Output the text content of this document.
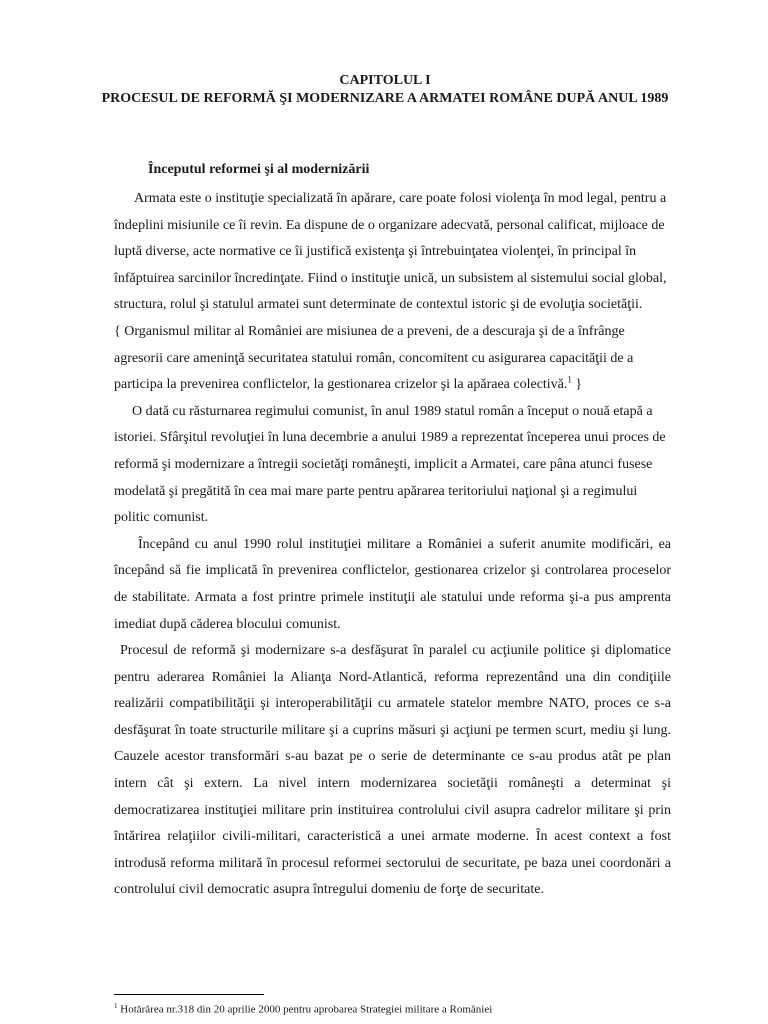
CAPITOLUL I
PROCESUL DE REFORMĂ ŞI MODERNIZARE A ARMATEI ROMÂNE DUPĂ ANUL 1989
Începutul reformei şi al modernizării

Armata este o instituţie specializată în apărare, care poate folosi violenţa în mod legal, pentru a îndeplini misiunile ce îi revin. Ea dispune de o organizare adecvată, personal calificat, mijloace de luptă diverse, acte normative ce îi justifică existenţa şi întrebuinţatea violenţei, în principal în înfăptuirea sarcinilor încredinţate. Fiind o instituţie unică, un subsistem al sistemului social global, structura, rolul şi statulul armatei sunt determinate de contextul istoric şi de evoluţia societăţii.

{ Organismul militar al României are misiunea de a preveni, de a descuraja şi de a înfrânge agresorii care ameninţă securitatea statului român, concomitent cu asigurarea capacităţii de a participa la prevenirea conflictelor, la gestionarea crizelor şi la apăraea colectivă.$^1$ }

O dată cu răsturnarea regimului comunist, în anul 1989 statul român a început o nouă etapă a istoriei. Sfârşitul revoluţiei în luna decembrie a anului 1989 a reprezentat începerea unui proces de reformă şi modernizare a întregii societăţi româneşti, implicit a Armatei, care pâna atunci fusese modelată şi pregătită în cea mai mare parte pentru apărarea teritoriului naţional şi a regimului politic comunist.

Începând cu anul 1990 rolul instituţiei militare a României a suferit anumite modificări, ea începând să fie implicată în prevenirea conflictelor, gestionarea crizelor şi controlarea proceselor de stabilitate. Armata a fost printre primele instituţii ale statului unde reforma şi-a pus amprenta imediat după căderea blocului comunist.

Procesul de reformă şi modernizare s-a desfăşurat în paralel cu acţiunile politice şi diplomatice pentru aderarea României la Alianţa Nord-Atlantică, reforma reprezentând una din condiţiile realizării compatibilităţii şi interoperabilităţii cu armatele statelor membre NATO, proces ce s-a desfăşurat în toate structurile militare şi a cuprins măsuri şi acţiuni pe termen scurt, mediu şi lung. Cauzele acestor transformări s-au bazat pe o serie de determinante ce s-au produs atât pe plan intern cât şi extern. La nivel intern modernizarea societăţii româneşti a determinat şi democratizarea instituţiei militare prin instituirea controlului civil asupra cadrelor militare şi prin întărirea relaţiilor civili-militari, caracteristică a unei armate moderne. În acest context a fost introdusă reforma militară în procesul reformei sectorului de securitate, pe baza unei coordonări a controlului civil democratic asupra întregului domeniu de forţe de securitate.

$^1$ Hotărârea nr.318 din 20 aprilie 2000 pentru aprobarea Strategiei militare a României
